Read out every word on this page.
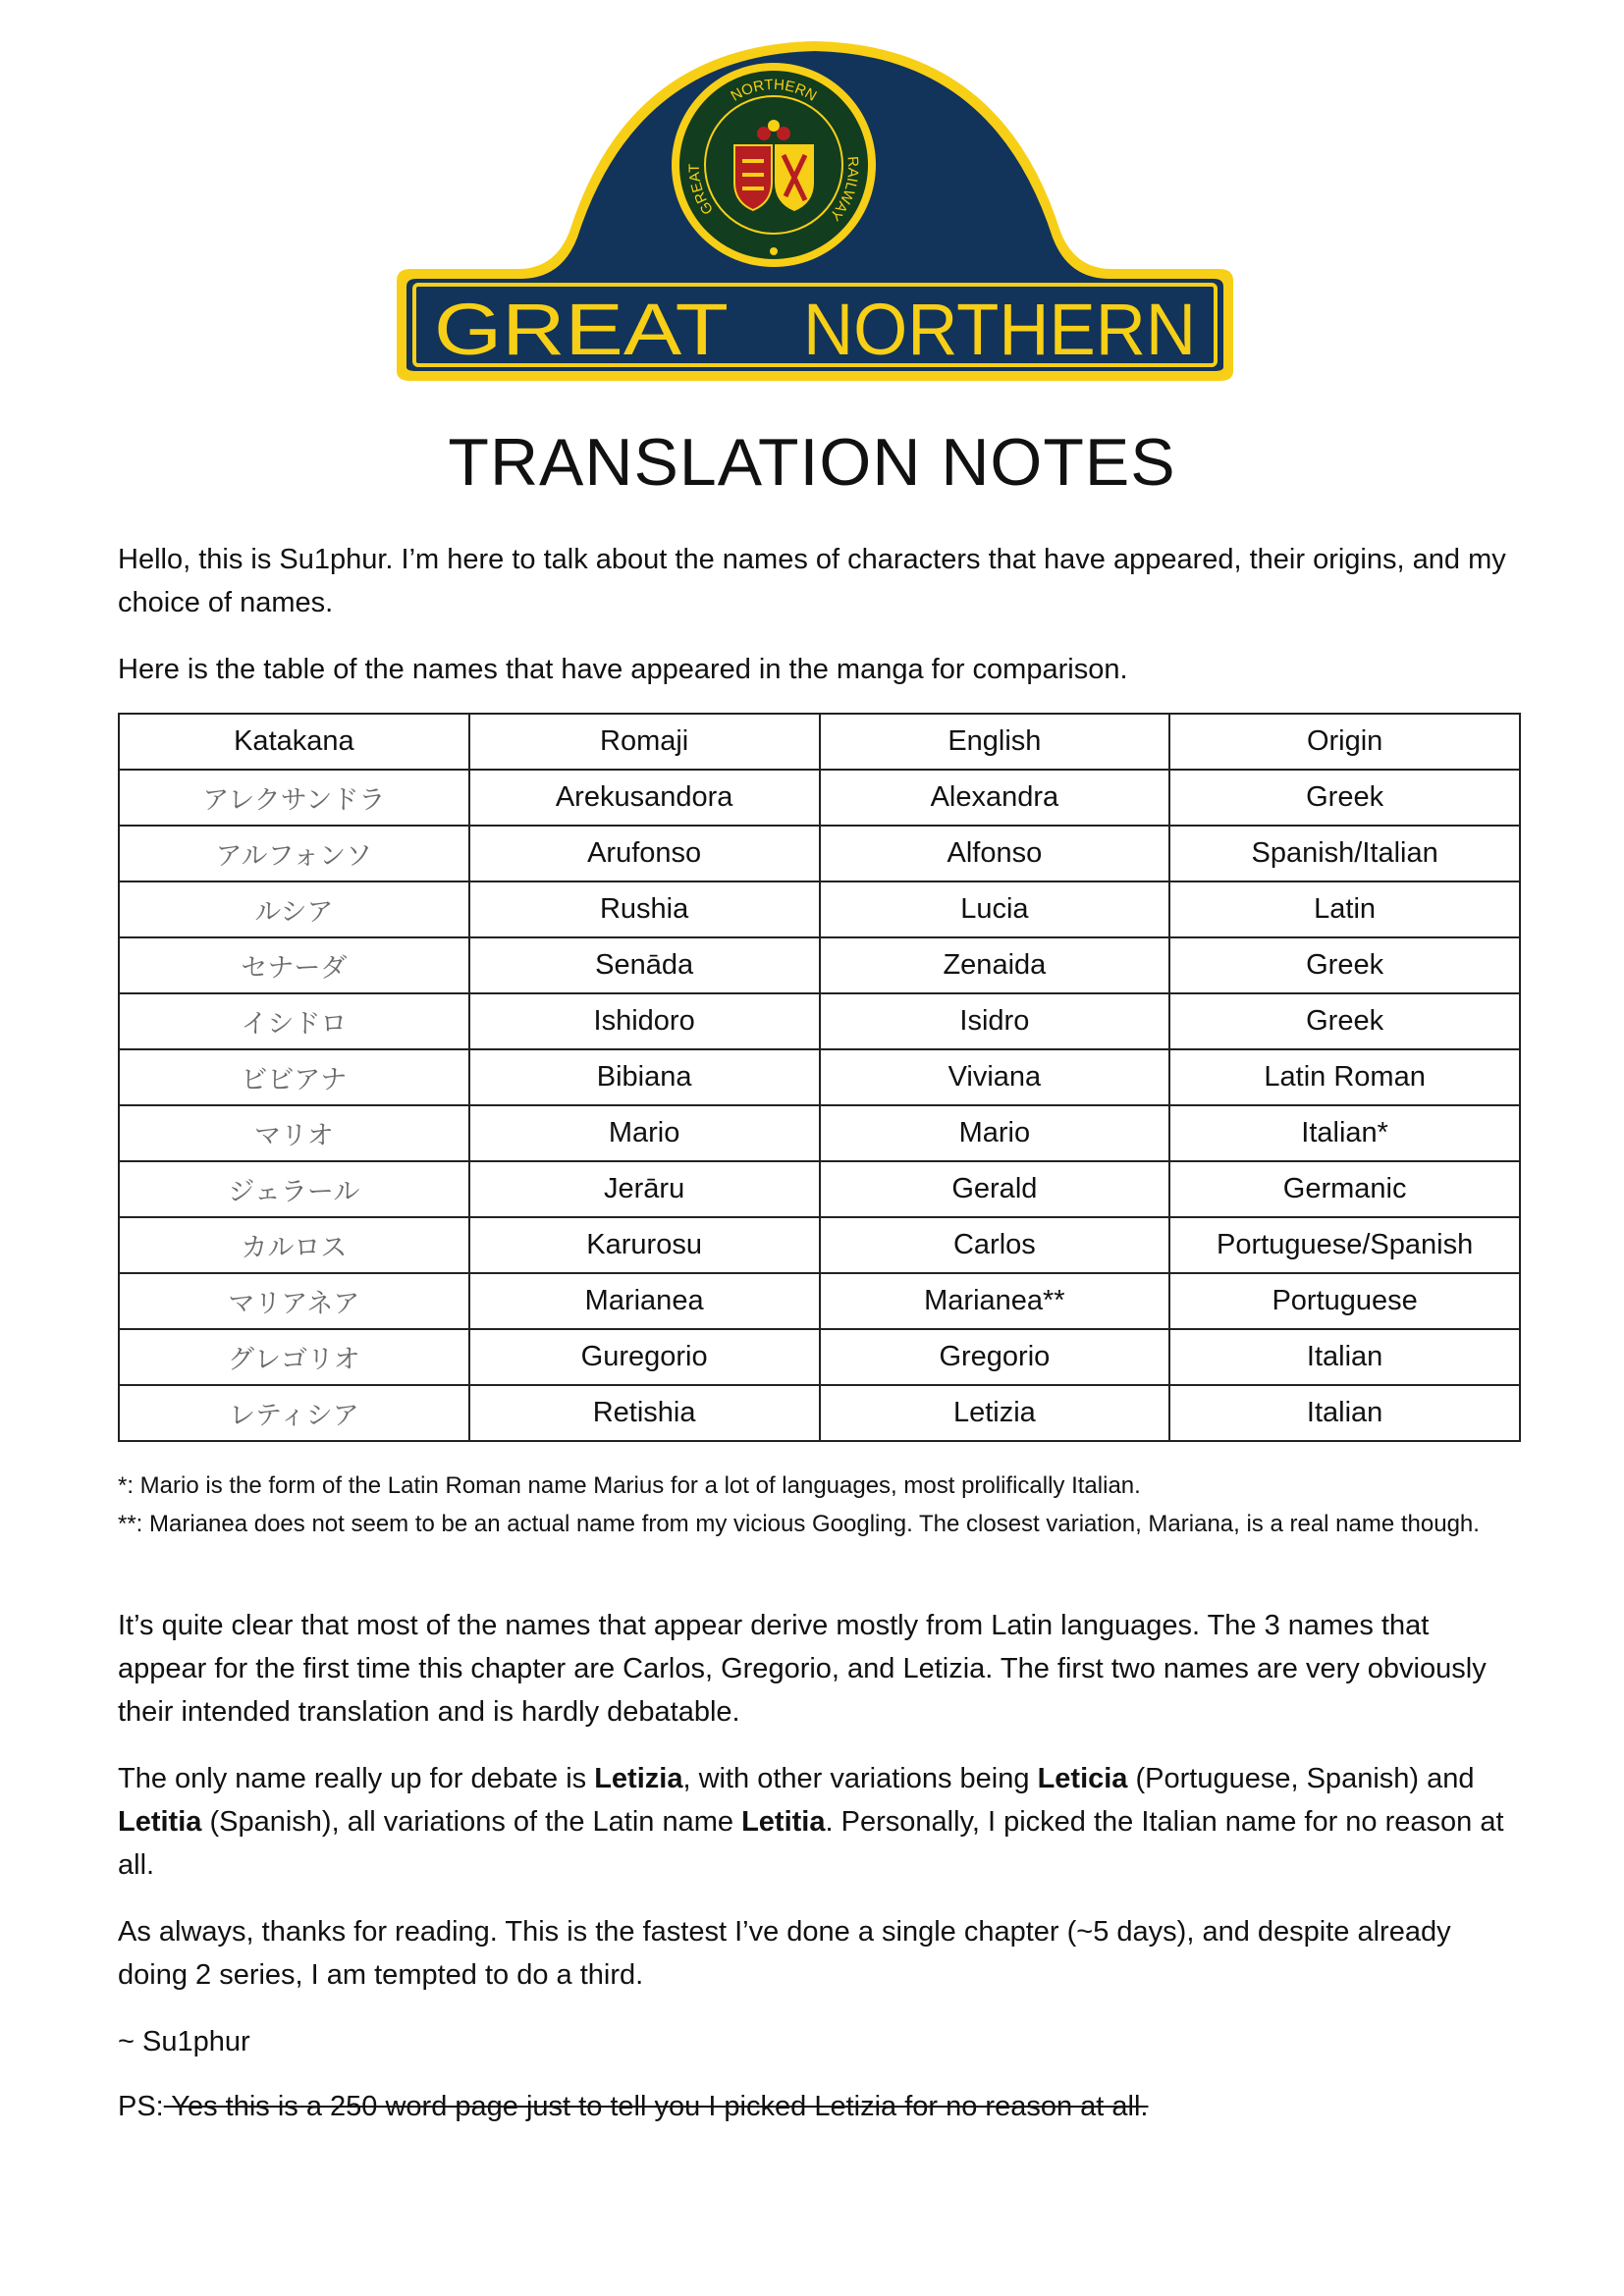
GREAT NORTHERN
NORTHERN
GREAT
RAILWAY
TRANSLATION NOTES

Hello, this is Su1phur. I’m here to talk about the names of characters that have appeared, their origins, and my choice of names.

Here is the table of the names that have appeared in the manga for comparison.

Katakana	Romaji	English	Origin
アレクサンドラ	Arekusandora	Alexandra	Greek
アルフォンソ	Arufonso	Alfonso	Spanish/Italian
ルシア	Rushia	Lucia	Latin
セナーダ	Senāda	Zenaida	Greek
イシドロ	Ishidoro	Isidro	Greek
ビビアナ	Bibiana	Viviana	Latin Roman
マリオ	Mario	Mario	Italian*
ジェラール	Jerāru	Gerald	Germanic
カルロス	Karurosu	Carlos	Portuguese/Spanish
マリアネア	Marianea	Marianea**	Portuguese
グレゴリオ	Guregorio	Gregorio	Italian
レティシア	Retishia	Letizia	Italian

*: Mario is the form of the Latin Roman name Marius for a lot of languages, most prolifically Italian.

**: Marianea does not seem to be an actual name from my vicious Googling. The closest variation, Mariana, is a real name though.

It’s quite clear that most of the names that appear derive mostly from Latin languages. The 3 names that appear for the first time this chapter are Carlos, Gregorio, and Letizia. The first two names are very obviously their intended translation and is hardly debatable.

The only name really up for debate is Letizia, with other variations being Leticia (Portuguese, Spanish) and Letitia (Spanish), all variations of the Latin name Letitia. Personally, I picked the Italian name for no reason at all.

As always, thanks for reading. This is the fastest I’ve done a single chapter (~5 days), and despite already doing 2 series, I am tempted to do a third.

~ Su1phur

PS: Yes this is a 250 word page just to tell you I picked Letizia for no reason at all.
